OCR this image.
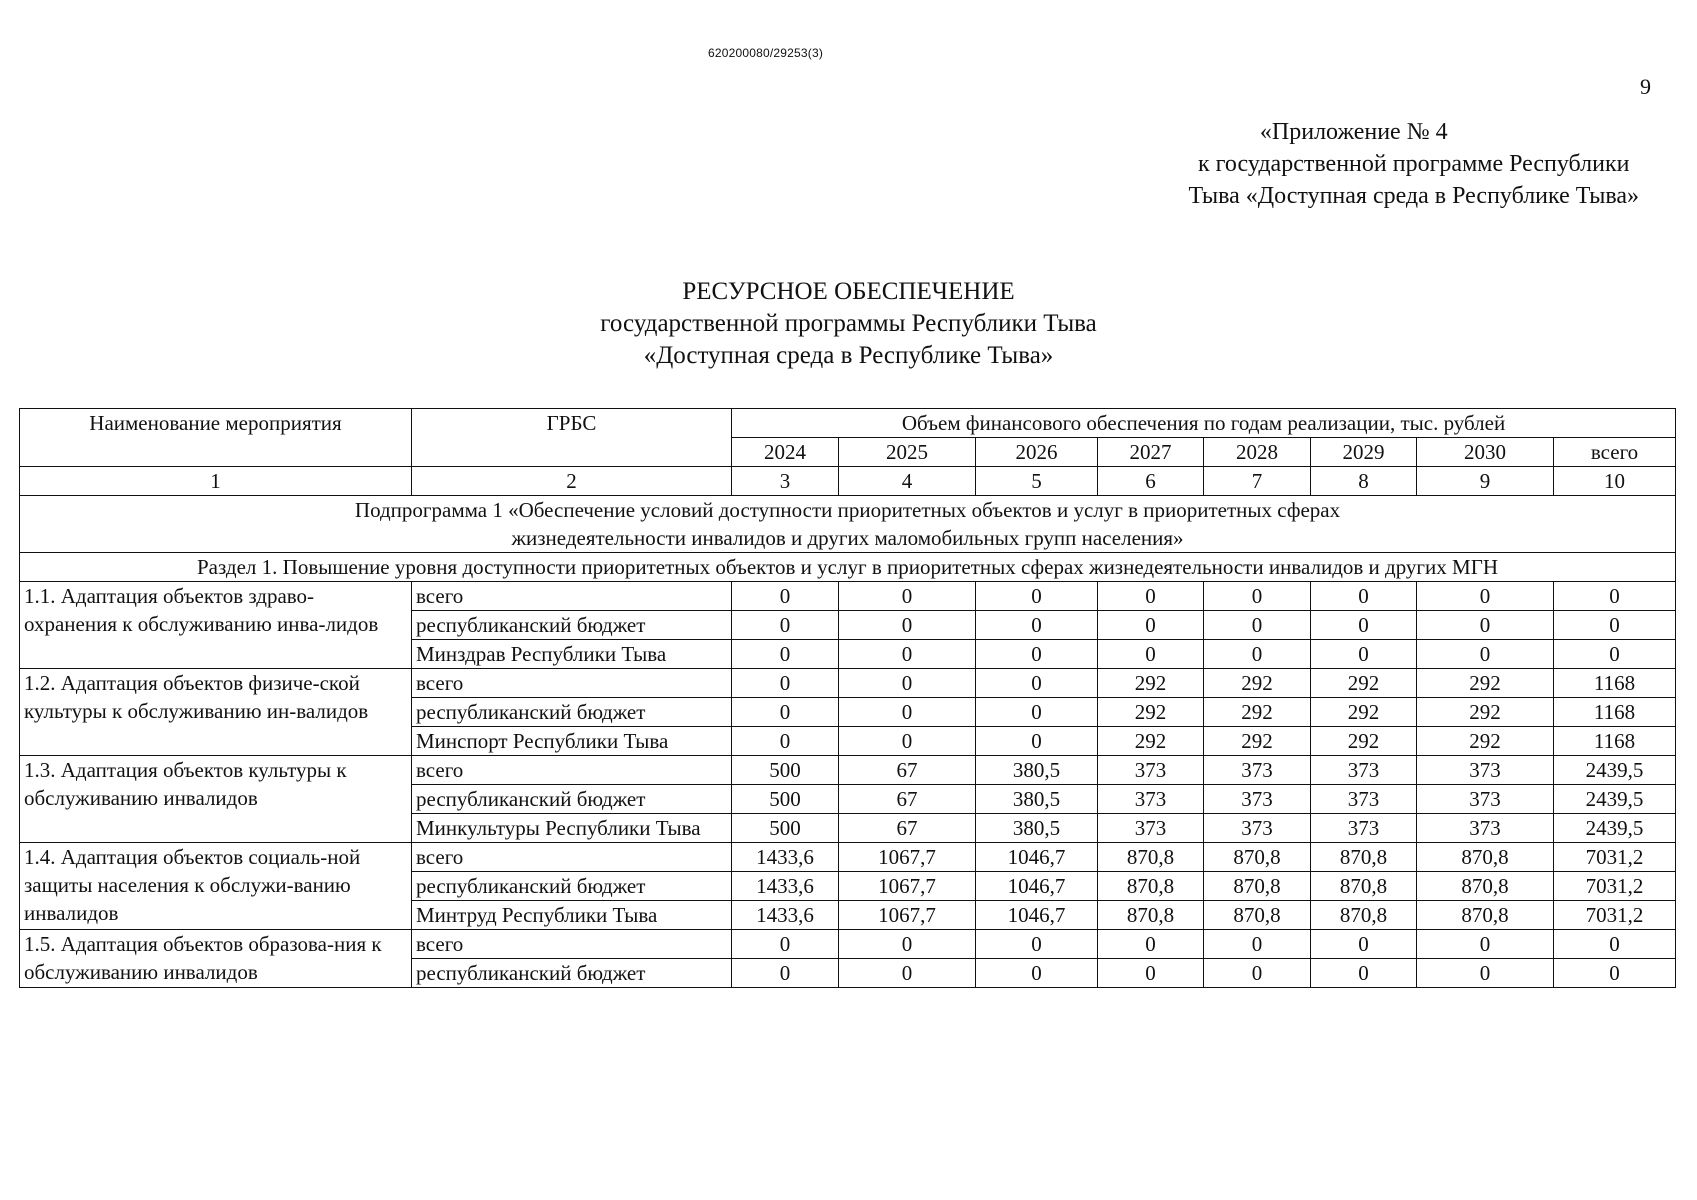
620200080/29253(3)
9
«Приложение № 4
к государственной программе Республики
Тыва «Доступная среда в Республике Тыва»
РЕСУРСНОЕ ОБЕСПЕЧЕНИЕ
государственной программы Республики Тыва
«Доступная среда в Республике Тыва»
Наименование мероприятия	ГРБС	Объем финансового обеспечения по годам реализации, тыс. рублей							
		2024	2025	2026	2027	2028	2029	2030	всего
1	2	3	4	5	6	7	8	9	10

Подпрограмма 1 «Обеспечение условий доступности приоритетных объектов и услуг в приоритетных сферах
жизнедеятельности инвалидов и других маломобильных групп населения»									

Раздел 1. Повышение уровня доступности приоритетных объектов и услуг в приоритетных сферах жизнедеятельности инвалидов и других МГН									
1.1. Адаптация объектов здраво-охранения к обслуживанию инва-лидов	всего	0	0	0	0	0	0	0	0
	республиканский бюджет	0	0	0	0	0	0	0	0
	Минздрав Республики Тыва	0	0	0	0	0	0	0	0
1.2. Адаптация объектов физиче-ской культуры к обслуживанию ин-валидов	всего	0	0	0	292	292	292	292	1168
	республиканский бюджет	0	0	0	292	292	292	292	1168
	Минспорт Республики Тыва	0	0	0	292	292	292	292	1168
1.3. Адаптация объектов культуры к обслуживанию инвалидов	всего	500	67	380,5	373	373	373	373	2439,5
	республиканский бюджет	500	67	380,5	373	373	373	373	2439,5
	Минкультуры Республики Тыва	500	67	380,5	373	373	373	373	2439,5
1.4. Адаптация объектов социаль-ной защиты населения к обслужи-ванию инвалидов	всего	1433,6	1067,7	1046,7	870,8	870,8	870,8	870,8	7031,2
	республиканский бюджет	1433,6	1067,7	1046,7	870,8	870,8	870,8	870,8	7031,2
	Минтруд Республики Тыва	1433,6	1067,7	1046,7	870,8	870,8	870,8	870,8	7031,2
1.5. Адаптация объектов образова-ния к обслуживанию инвалидов	всего	0	0	0	0	0	0	0	0
	республиканский бюджет	0	0	0	0	0	0	0	0
